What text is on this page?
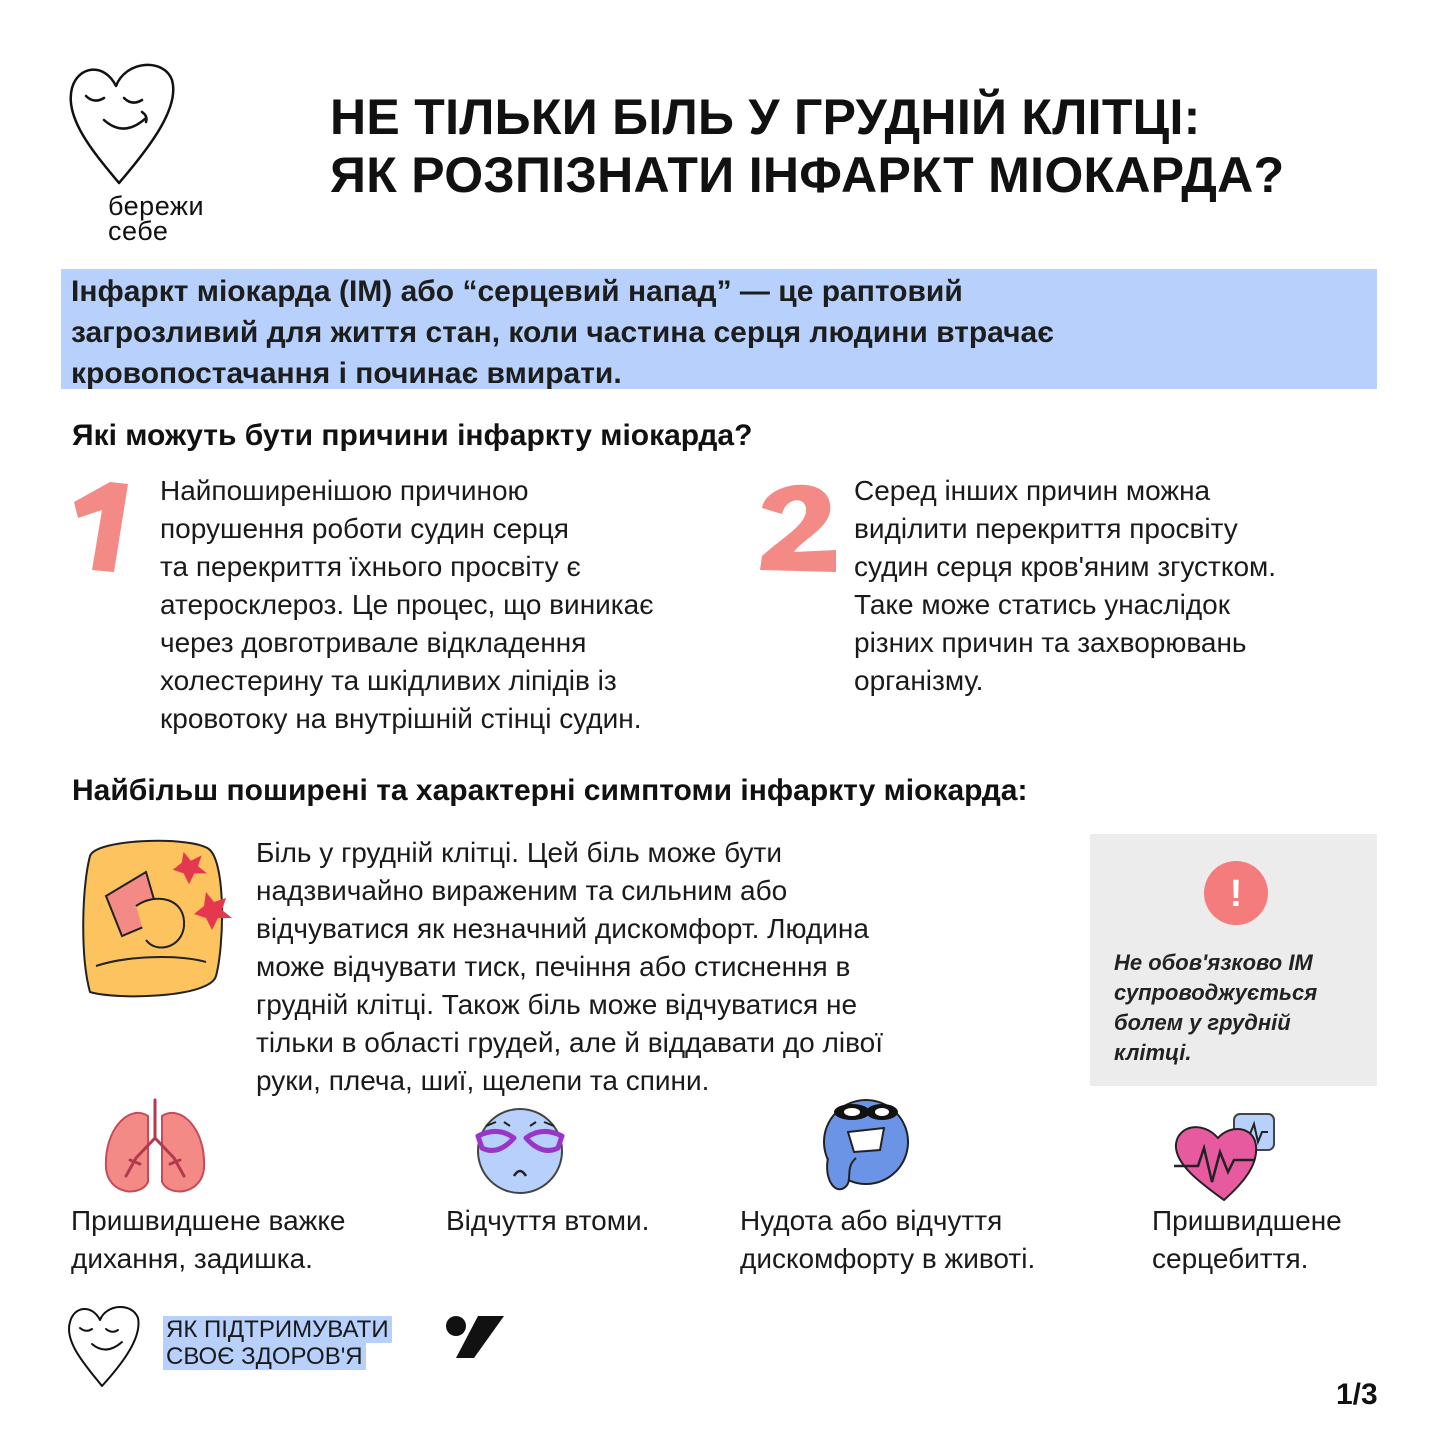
бережи
себе
НЕ ТІЛЬКИ БІЛЬ У ГРУДНІЙ КЛІТЦІ:
ЯК РОЗПІЗНАТИ ІНФАРКТ МІОКАРДА?

Інфаркт міокарда (ІМ) або “серцевий напад” — це раптовий

загрозливий для життя стан, коли частина серця людини втрачає

кровопостачання і починає вмирати.

Які можуть бути причини інфаркту міокарда?
Найпоширенішою причиною
порушення роботи судин серця
та перекриття їхнього просвіту є
атеросклероз. Це процес, що виникає
через довготривале відкладення
холестерину та шкідливих ліпідів із
кровотоку на внутрішній стінці судин.
Серед інших причин можна
виділити перекриття просвіту
судин серця кров'яним згустком.
Таке може статись унаслідок
різних причин та захворювань
організму.
Найбільш поширені та характерні симптоми інфаркту міокарда:
Біль у грудній клітці. Цей біль може бути
надзвичайно вираженим та сильним або
відчуватися як незначний дискомфорт. Людина
може відчувати тиск, печіння або стиснення в
грудній клітці. Також біль може відчуватися не
тільки в області грудей, але й віддавати до лівої
руки, плеча, шиї, щелепи та спини.
!
Не обов'язково ІМ
супроводжується
болем у грудній
клітці.
Пришвидшене важке
дихання, задишка.
Відчуття втоми.	Нудота або відчуття
дискомфорту в животі.
Пришвидшене
серцебиття.
ЯК ПІДТРИМУВАТИ
СВОЄ ЗДОРОВ'Я
1/3
